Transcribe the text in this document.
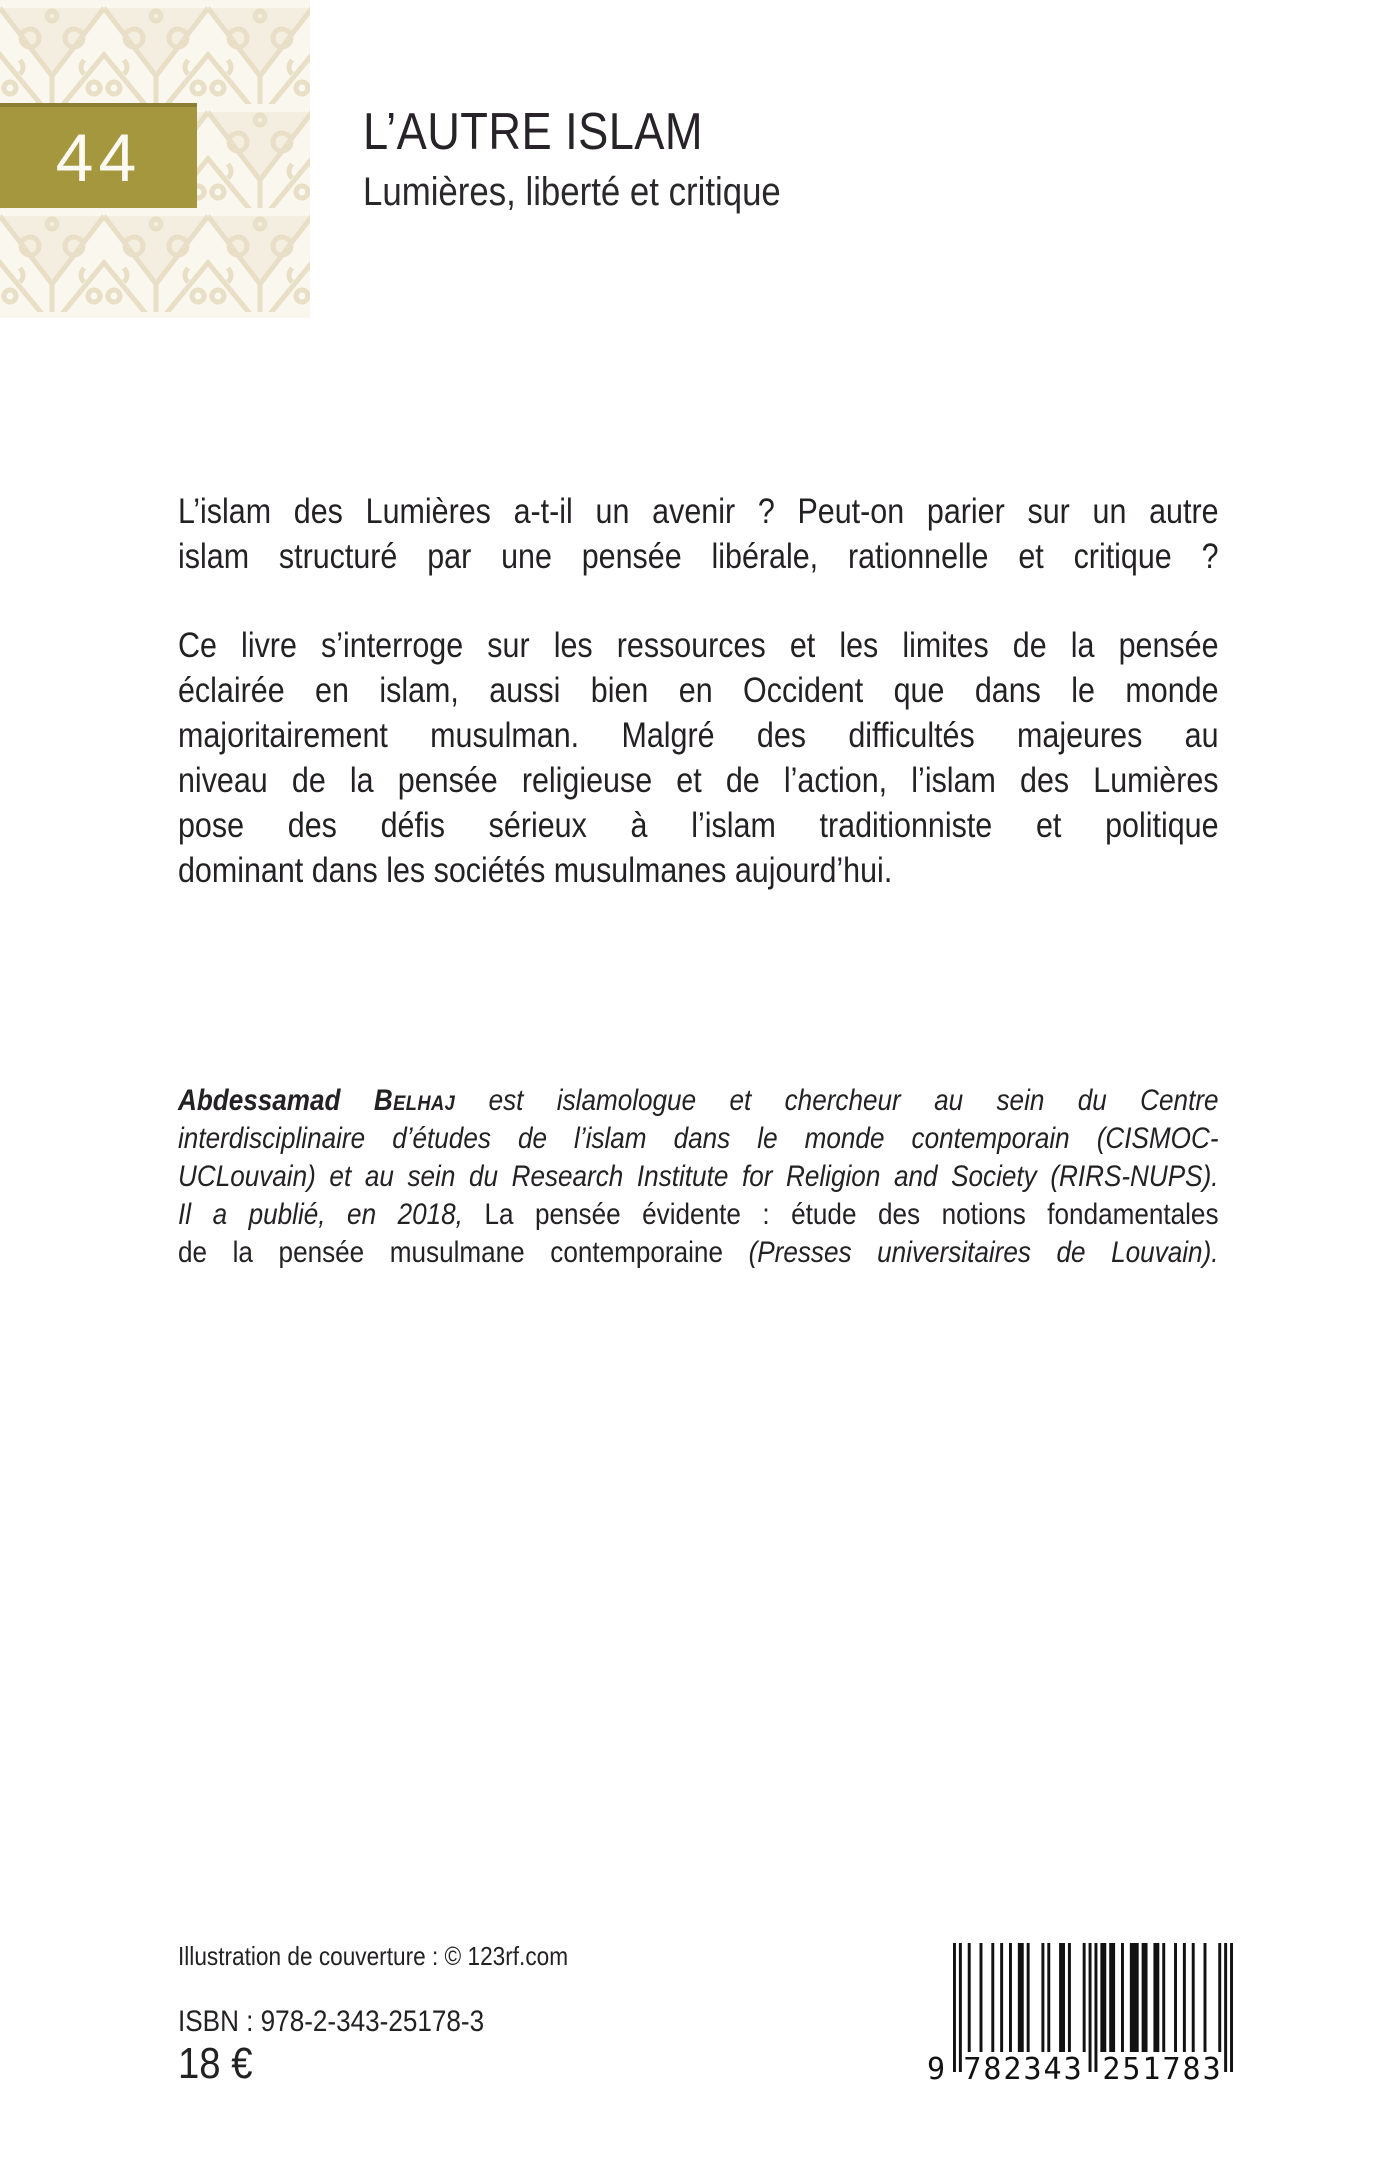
44	L’AUTRE ISLAM
Lumières, liberté et critique
L’islam des Lumières a-t-il un avenir ? Peut-on parier sur un autre
islam structuré par une pensée libérale, rationnelle et critique ?
Ce livre s’interroge sur les ressources et les limites de la pensée
éclairée en islam, aussi bien en Occident que dans le monde
majoritairement musulman. Malgré des difficultés majeures au
niveau de la pensée religieuse et de l’action, l’islam des Lumières
pose des défis sérieux à l’islam traditionniste et politique
dominant dans les sociétés musulmanes aujourd’hui.
Abdessamad Belhaj est islamologue et chercheur au sein du Centre
interdisciplinaire d’études de l’islam dans le monde contemporain (CISMOC-
UCLouvain) et au sein du Research Institute for Religion and Society (RIRS-NUPS).
Il a publié, en 2018, La pensée évidente : étude des notions fondamentales
de la pensée musulmane contemporaine (Presses universitaires de Louvain).
Illustration de couverture : © 123rf.com
ISBN : 978-2-343-25178-3
18 €	9 782343 251783
